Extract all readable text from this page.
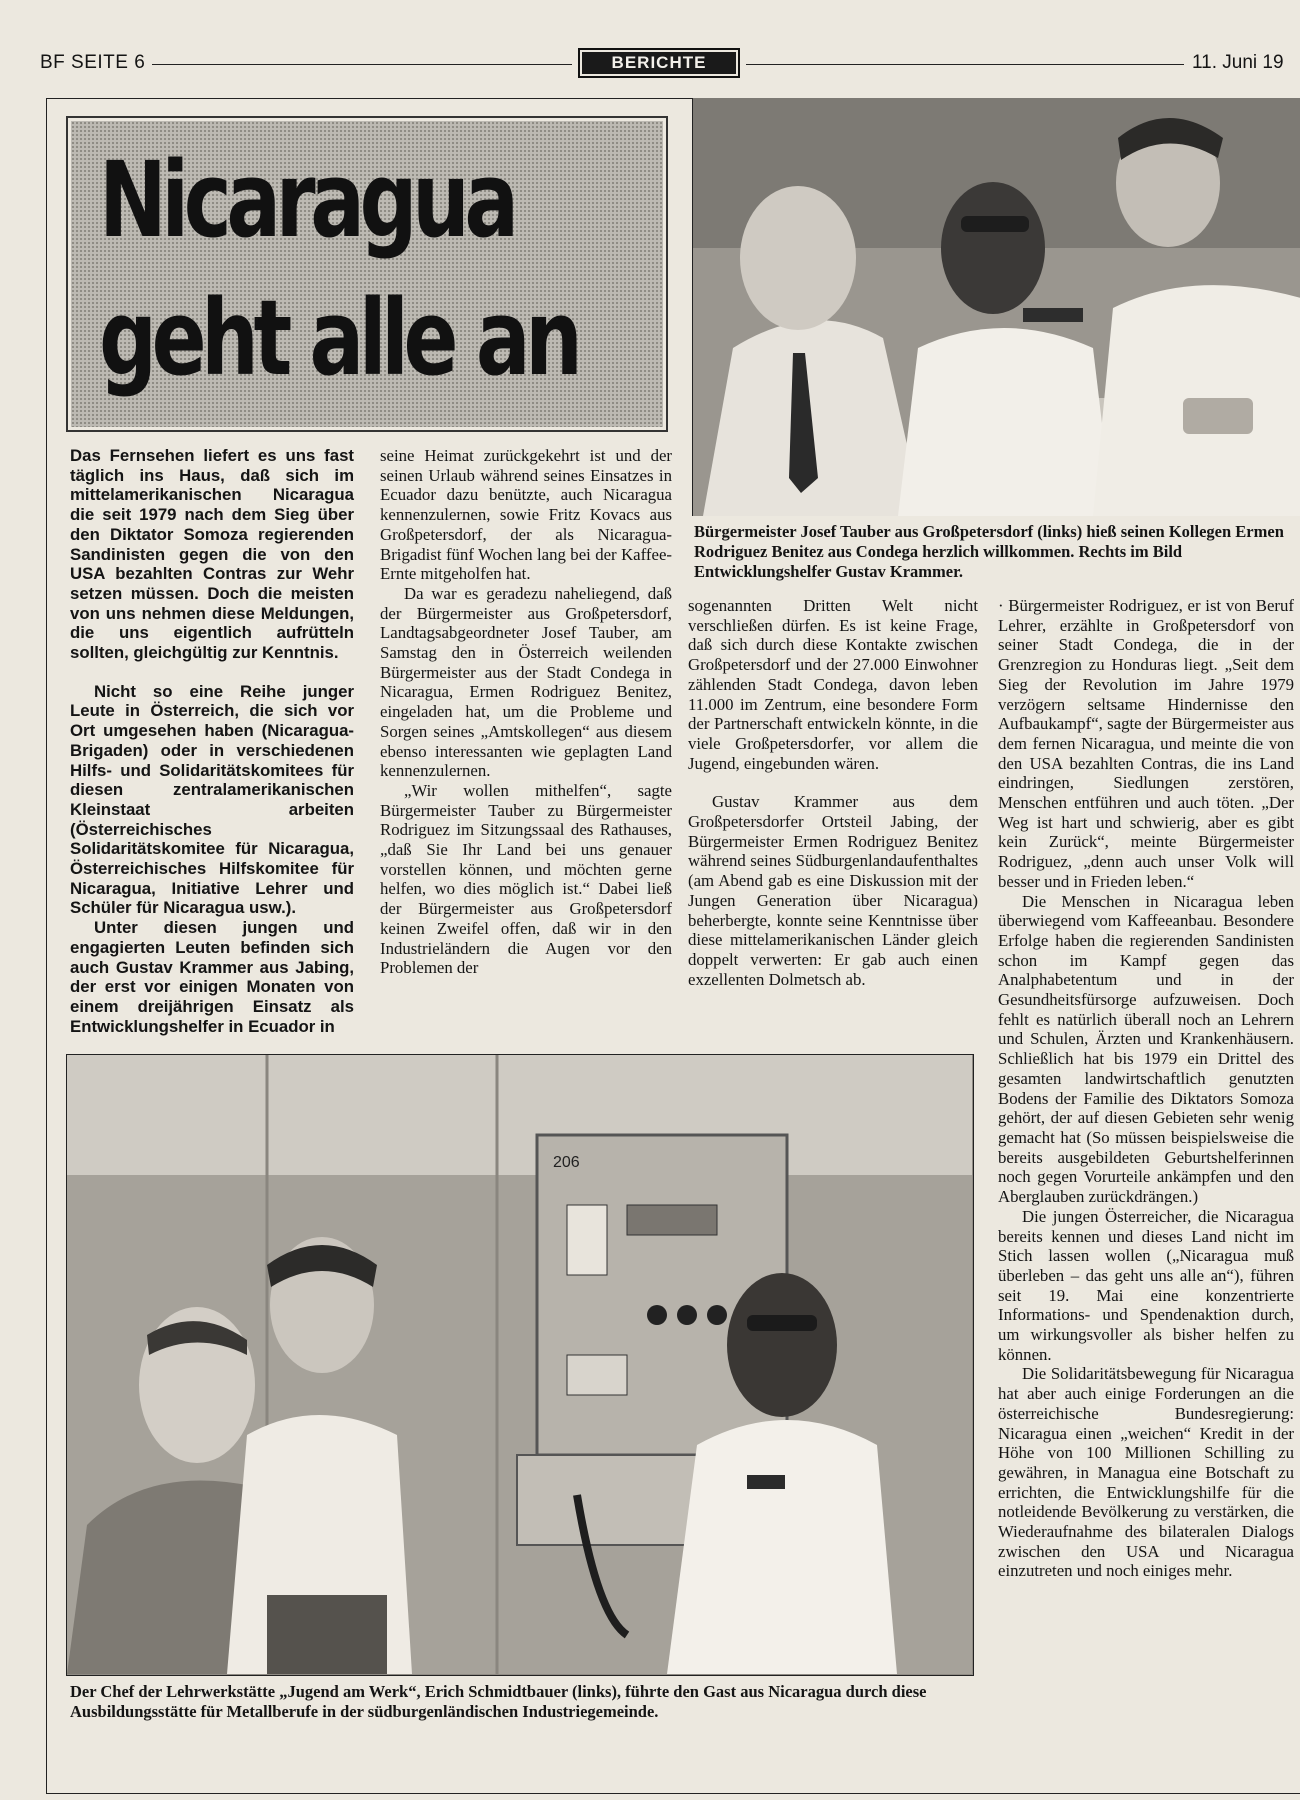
BF SEITE 6	BERICHTE	11. Juni 19
Nicaragua
geht alle an
Bürgermeister Josef Tauber aus Großpetersdorf (links) hieß seinen Kollegen Ermen Rodriguez Benitez aus Condega herzlich willkommen. Rechts im Bild Entwicklungshelfer Gustav Krammer.
Das Fernsehen liefert es uns fast täglich ins Haus, daß sich im mittelamerikanischen Nicaragua die seit 1979 nach dem Sieg über den Diktator Somoza regierenden Sandinisten gegen die von den USA bezahlten Contras zur Wehr setzen müssen. Doch die meisten von uns nehmen diese Meldungen, die uns eigentlich aufrütteln sollten, gleichgültig zur Kenntnis.

Nicht so eine Reihe junger Leute in Österreich, die sich vor Ort umgesehen haben (Nicaragua-Brigaden) oder in verschiedenen Hilfs- und Solidaritätskomitees für diesen zentralamerikanischen Kleinstaat arbeiten (Österreichisches Solidaritätskomitee für Nicaragua, Österreichisches Hilfskomitee für Nicaragua, Initiative Lehrer und Schüler für Nicaragua usw.).

Unter diesen jungen und engagierten Leuten befinden sich auch Gustav Krammer aus Jabing, der erst vor einigen Monaten von einem dreijährigen Einsatz als Entwicklungshelfer in Ecuador in

seine Heimat zurückgekehrt ist und der seinen Urlaub während seines Einsatzes in Ecuador dazu benützte, auch Nicaragua kennenzulernen, sowie Fritz Kovacs aus Großpetersdorf, der als Nicaragua-Brigadist fünf Wochen lang bei der Kaffee-Ernte mitgeholfen hat.

Da war es geradezu naheliegend, daß der Bürgermeister aus Großpetersdorf, Landtagsabgeordneter Josef Tauber, am Samstag den in Österreich weilenden Bürgermeister aus der Stadt Condega in Nicaragua, Ermen Rodriguez Benitez, eingeladen hat, um die Probleme und Sorgen seines „Amtskollegen“ aus diesem ebenso interessanten wie geplagten Land kennenzulernen.

„Wir wollen mithelfen“, sagte Bürgermeister Tauber zu Bürgermeister Rodriguez im Sitzungssaal des Rathauses, „daß Sie Ihr Land bei uns genauer vorstellen können, und möchten gerne helfen, wo dies möglich ist.“ Dabei ließ der Bürgermeister aus Großpetersdorf keinen Zweifel offen, daß wir in den Industrieländern die Augen vor den Problemen der

sogenannten Dritten Welt nicht verschließen dürfen. Es ist keine Frage, daß sich durch diese Kontakte zwischen Großpetersdorf und der 27.000 Einwohner zählenden Stadt Condega, davon leben 11.000 im Zentrum, eine besondere Form der Partnerschaft entwickeln könnte, in die viele Großpetersdorfer, vor allem die Jugend, eingebunden wären.

Gustav Krammer aus dem Großpetersdorfer Ortsteil Jabing, der Bürgermeister Ermen Rodriguez Benitez während seines Südburgenlandaufenthaltes (am Abend gab es eine Diskussion mit der Jungen Generation über Nicaragua) beherbergte, konnte seine Kenntnisse über diese mittelamerikanischen Länder gleich doppelt verwerten: Er gab auch einen exzellenten Dolmetsch ab.

· Bürgermeister Rodriguez, er ist von Beruf Lehrer, erzählte in Großpetersdorf von seiner Stadt Condega, die in der Grenzregion zu Honduras liegt. „Seit dem Sieg der Revolution im Jahre 1979 verzögern seltsame Hindernisse den Aufbaukampf“, sagte der Bürgermeister aus dem fernen Nicaragua, und meinte die von den USA bezahlten Contras, die ins Land eindringen, Siedlungen zerstören, Menschen entführen und auch töten. „Der Weg ist hart und schwierig, aber es gibt kein Zurück“, meinte Bürgermeister Rodriguez, „denn auch unser Volk will besser und in Frieden leben.“

Die Menschen in Nicaragua leben überwiegend vom Kaffeeanbau. Besondere Erfolge haben die regierenden Sandinisten schon im Kampf gegen das Analphabetentum und in der Gesundheitsfürsorge aufzuweisen. Doch fehlt es natürlich überall noch an Lehrern und Schulen, Ärzten und Krankenhäusern. Schließlich hat bis 1979 ein Drittel des gesamten landwirtschaftlich genutzten Bodens der Familie des Diktators Somoza gehört, der auf diesen Gebieten sehr wenig gemacht hat (So müssen beispielsweise die bereits ausgebildeten Geburtshelferinnen noch gegen Vorurteile ankämpfen und den Aberglauben zurückdrängen.)

Die jungen Österreicher, die Nicaragua bereits kennen und dieses Land nicht im Stich lassen wollen („Nicaragua muß überleben – das geht uns alle an“), führen seit 19. Mai eine konzentrierte Informations- und Spendenaktion durch, um wirkungsvoller als bisher helfen zu können.

Die Solidaritätsbewegung für Nicaragua hat aber auch einige Forderungen an die österreichische Bundesregierung: Nicaragua einen „weichen“ Kredit in der Höhe von 100 Millionen Schilling zu gewähren, in Managua eine Botschaft zu errichten, die Entwicklungshilfe für die notleidende Bevölkerung zu verstärken, die Wiederaufnahme des bilateralen Dialogs zwischen den USA und Nicaragua einzutreten und noch einiges mehr.

206
Der Chef der Lehrwerkstätte „Jugend am Werk“, Erich Schmidtbauer (links), führte den Gast aus Nicaragua durch diese Ausbildungsstätte für Metallberufe in der südburgenländischen Industriegemeinde.
